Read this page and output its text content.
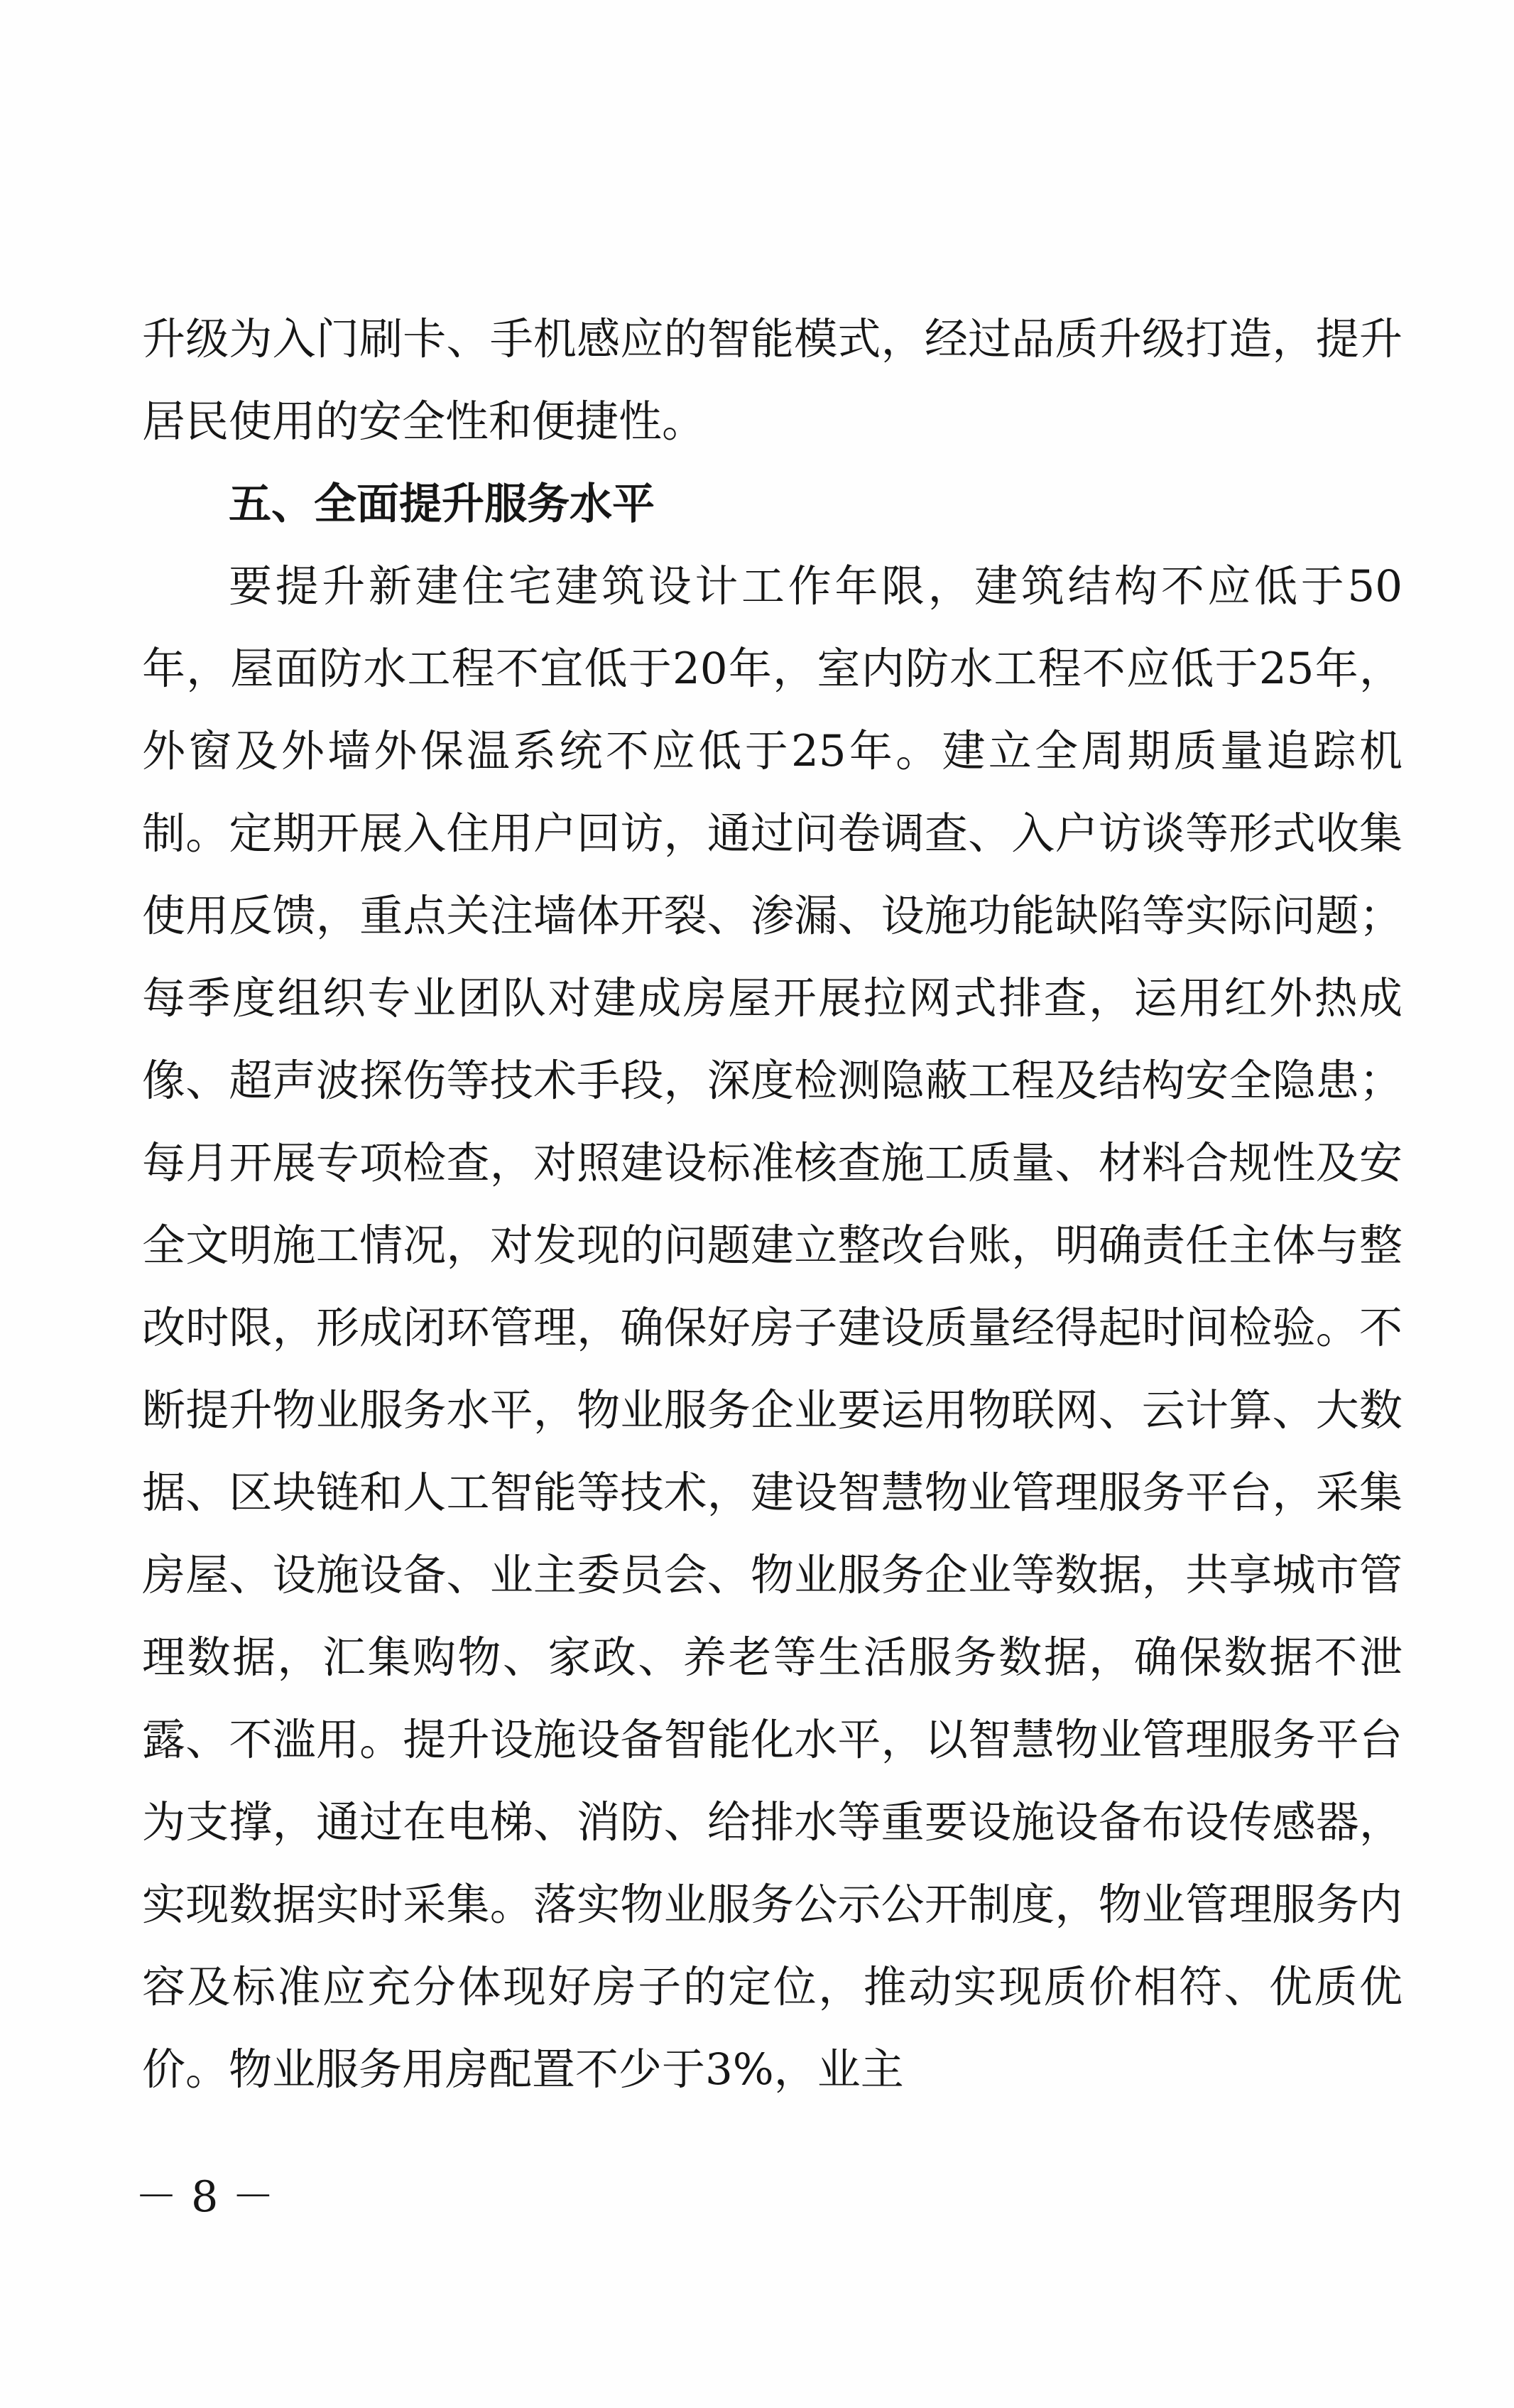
升级为入门刷卡、手机感应的智能模式，经过品质升级打造，提升居民使用的安全性和便捷性。

五、全面提升服务水平

要提升新建住宅建筑设计工作年限，建筑结构不应低于50年，屋面防水工程不宜低于20年，室内防水工程不应低于25年，外窗及外墙外保温系统不应低于25年。建立全周期质量追踪机制。定期开展入住用户回访，通过问卷调查、入户访谈等形式收集使用反馈，重点关注墙体开裂、渗漏、设施功能缺陷等实际问题；每季度组织专业团队对建成房屋开展拉网式排查，运用红外热成像、超声波探伤等技术手段，深度检测隐蔽工程及结构安全隐患；每月开展专项检查，对照建设标准核查施工质量、材料合规性及安全文明施工情况，对发现的问题建立整改台账，明确责任主体与整改时限，形成闭环管理，确保好房子建设质量经得起时间检验。不断提升物业服务水平，物业服务企业要运用物联网、云计算、大数据、区块链和人工智能等技术，建设智慧物业管理服务平台，采集房屋、设施设备、业主委员会、物业服务企业等数据，共享城市管理数据，汇集购物、家政、养老等生活服务数据，确保数据不泄露、不滥用。提升设施设备智能化水平，以智慧物业管理服务平台为支撑，通过在电梯、消防、给排水等重要设施设备布设传感器，实现数据实时采集。落实物业服务公示公开制度，物业管理服务内容及标准应充分体现好房子的定位，推动实现质价相符、优质优价。物业服务用房配置不少于3%，业主

－ 8 －
